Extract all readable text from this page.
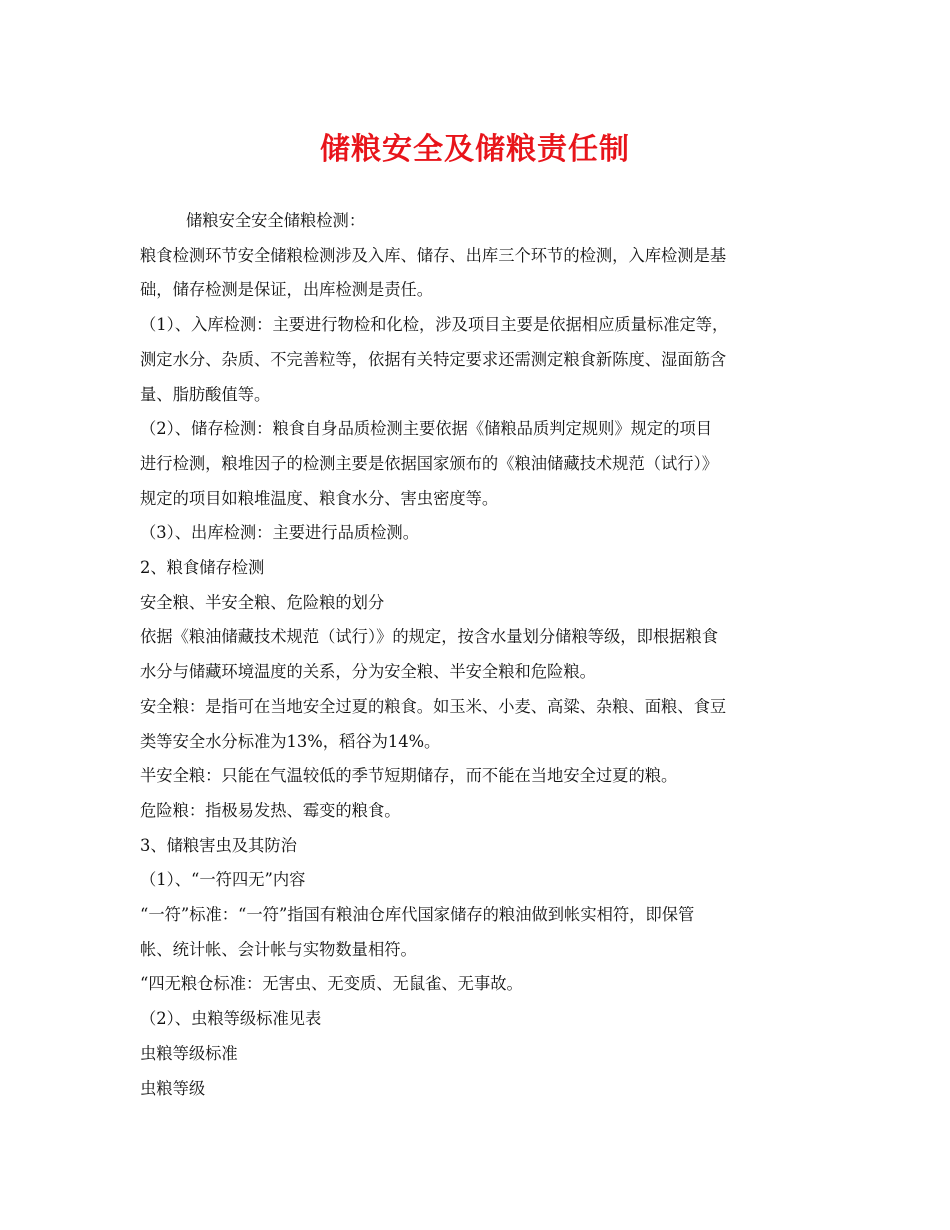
储粮安全及储粮责任制

储粮安全安全储粮检测：

粮食检测环节安全储粮检测涉及入库、储存、出库三个环节的检测，入库检测是基

础，储存检测是保证，出库检测是责任。

（1）、入库检测：主要进行物检和化检，涉及项目主要是依据相应质量标准定等，

测定水分、杂质、不完善粒等，依据有关特定要求还需测定粮食新陈度、湿面筋含

量、脂肪酸值等。

（2）、储存检测：粮食自身品质检测主要依据《储粮品质判定规则》规定的项目

进行检测，粮堆因子的检测主要是依据国家颁布的《粮油储藏技术规范（试行）》

规定的项目如粮堆温度、粮食水分、害虫密度等。

（3）、出库检测：主要进行品质检测。

2、粮食储存检测

安全粮、半安全粮、危险粮的划分

依据《粮油储藏技术规范（试行）》的规定，按含水量划分储粮等级，即根据粮食

水分与储藏环境温度的关系，分为安全粮、半安全粮和危险粮。

安全粮：是指可在当地安全过夏的粮食。如玉米、小麦、高粱、杂粮、面粮、食豆

类等安全水分标准为13%，稻谷为14%。

半安全粮：只能在气温较低的季节短期储存，而不能在当地安全过夏的粮。

危险粮：指极易发热、霉变的粮食。

3、储粮害虫及其防治

（1）、“一符四无”内容

“一符”标准：“一符”指国有粮油仓库代国家储存的粮油做到帐实相符，即保管

帐、统计帐、会计帐与实物数量相符。

“四无粮仓标准：无害虫、无变质、无鼠雀、无事故。

（2）、虫粮等级标准见表

虫粮等级标准

虫粮等级
